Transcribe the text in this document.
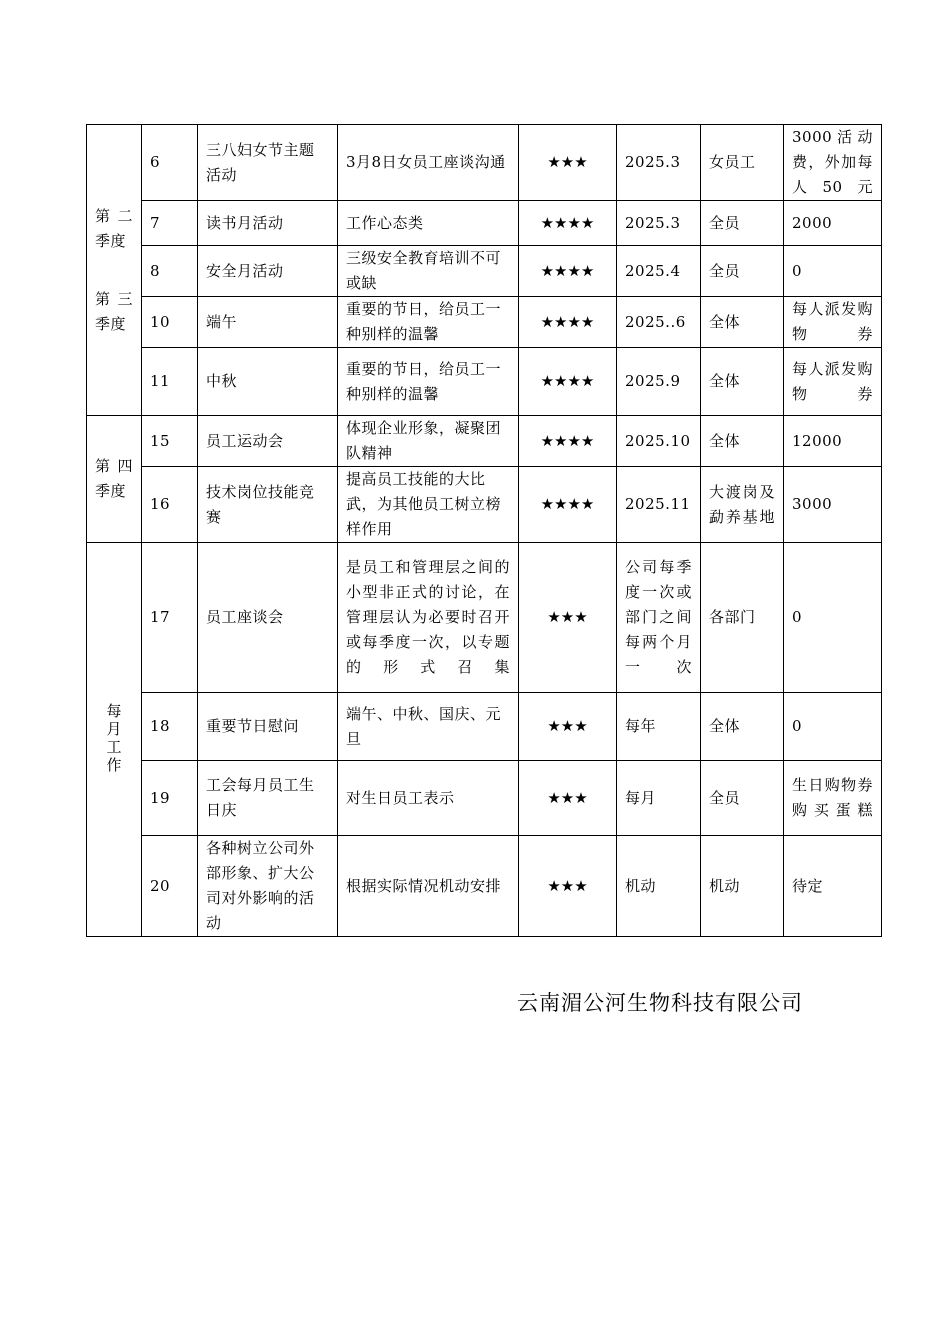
第二季度
第三季度	6	三八妇女节主题活动	3月8日女员工座谈沟通	★★★	2025.3	女员工	3000活动费，外加每人50元
	7	读书月活动	工作心态类	★★★★	2025.3	全员	2000
	8	安全月活动	三级安全教育培训不可或缺	★★★★	2025.4	全员	0
	10	端午	重要的节日，给员工一种别样的温馨	★★★★	2025..6	全体	每人派发购物券
	11	中秋	重要的节日，给员工一种别样的温馨	★★★★	2025.9	全体	每人派发购物券
第四季度	15	员工运动会	体现企业形象，凝聚团队精神	★★★★	2025.10	全体	12000
	16	技术岗位技能竞赛	提高员工技能的大比武，为其他员工树立榜样作用	★★★★	2025.11	大渡岗及勐养基地	3000
每月工作	17	员工座谈会	是员工和管理层之间的小型非正式的讨论，在管理层认为必要时召开或每季度一次，以专题的形式召集	★★★	公司每季度一次或部门之间每两个月一次	各部门	0
	18	重要节日慰问	端午、中秋、国庆、元旦	★★★	每年	全体	0
	19	工会每月员工生日庆	对生日员工表示	★★★	每月	全员	生日购物券购买蛋糕
	20	各种树立公司外部形象、扩大公司对外影响的活动	根据实际情况机动安排	★★★	机动	机动	待定
云南湄公河生物科技有限公司
